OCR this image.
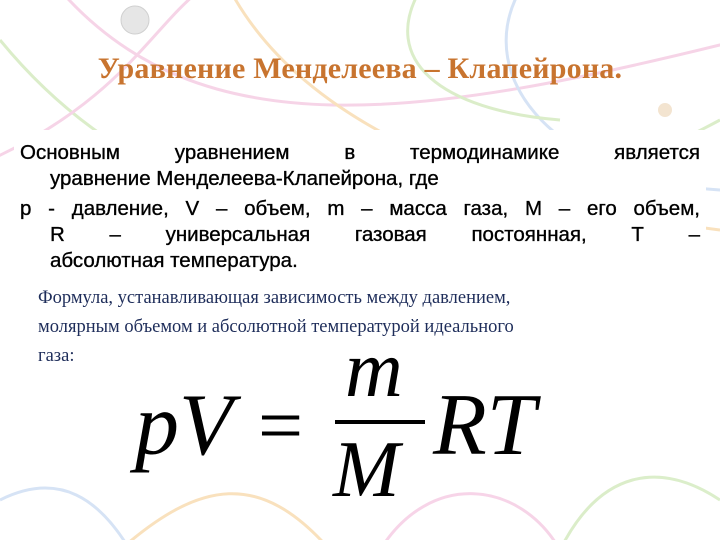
Уравнение Менделеева – Клапейрона.
Основным уравнением в термодинамике является
уравнение Менделеева-Клапейрона, где
р - давление, V – объем, m – масса газа, М – его объем,
R – универсальная газовая постоянная, Т –
абсолютная температура.
Формула, устанавливающая зависимость между давлением,
молярным объемом и абсолютной температурой идеального
газа:
pV =
m
M RT
